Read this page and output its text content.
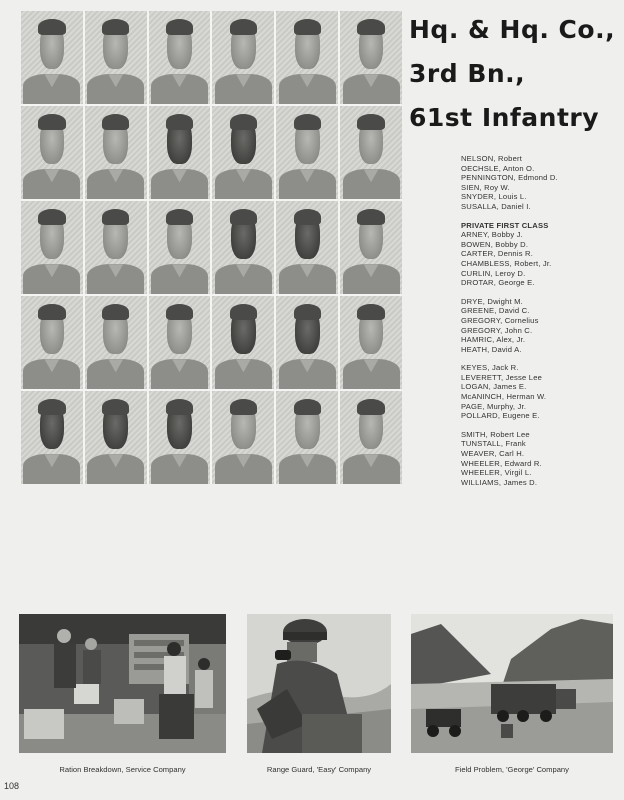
Hq. & Hq. Co.,
3rd Bn.,
61st Infantry
NELSON, Robert
OECHSLE, Anton O.
PENNINGTON, Edmond D.
SIEN, Roy W.
SNYDER, Louis L.
SUSALLA, Daniel I.
PRIVATE FIRST CLASS
ARNEY, Bobby J.
BOWEN, Bobby D.
CARTER, Dennis R.
CHAMBLESS, Robert, Jr.
CURLIN, Leroy D.
DROTAR, George E.
DRYE, Dwight M.
GREENE, David C.
GREGORY, Cornelius
GREGORY, John C.
HAMRIC, Alex, Jr.
HEATH, David A.
KEYES, Jack R.
LEVERETT, Jesse Lee
LOGAN, James E.
McANINCH, Herman W.
PAGE, Murphy, Jr.
POLLARD, Eugene E.
SMITH, Robert Lee
TUNSTALL, Frank
WEAVER, Carl H.
WHEELER, Edward R.
WHEELER, Virgil L.
WILLIAMS, James D.
Ration Breakdown, Service Company	Range Guard, 'Easy' Company	Field Problem, 'George' Company
108
